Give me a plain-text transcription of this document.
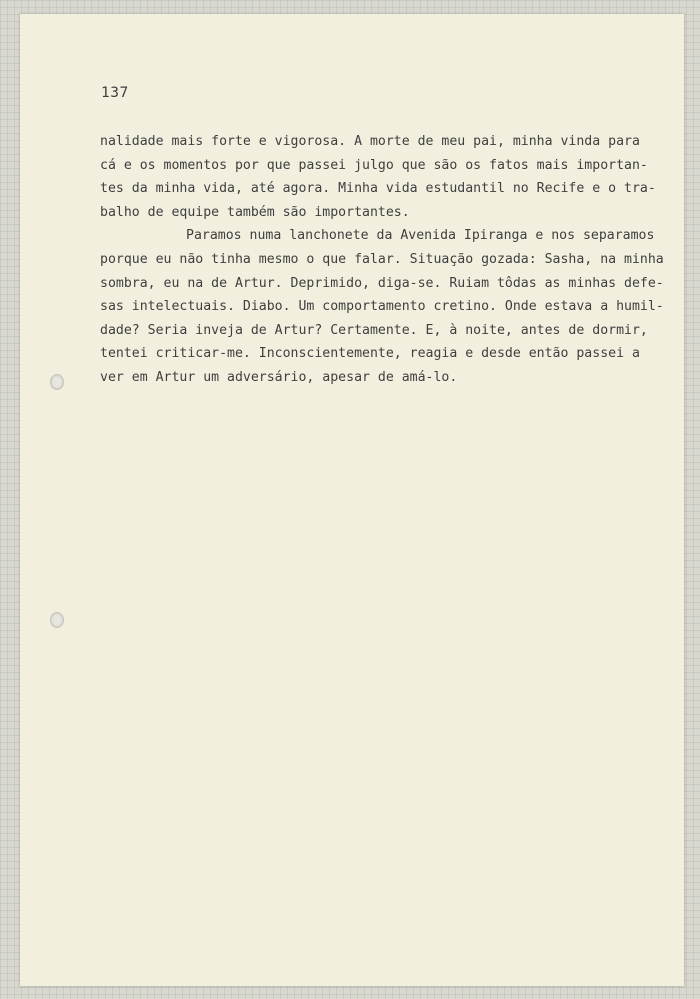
137
nalidade mais forte e vigorosa. A morte de meu pai, minha vinda para
cá e os momentos por que passei julgo que são os fatos mais importan-
tes da minha vida, até agora. Minha vida estudantil no Recife e o tra-
balho de equipe também são importantes.
Paramos numa lanchonete da Avenida Ipiranga e nos separamos
porque eu não tinha mesmo o que falar. Situação gozada: Sasha, na minha
sombra, eu na de Artur. Deprimido, diga-se. Ruiam tôdas as minhas defe-
sas intelectuais. Diabo. Um comportamento cretino. Onde estava a humil-
dade? Seria inveja de Artur? Certamente. E, à noite, antes de dormir,
tentei criticar-me. Inconscientemente, reagia e desde então passei a
ver em Artur um adversário, apesar de amá-lo.
